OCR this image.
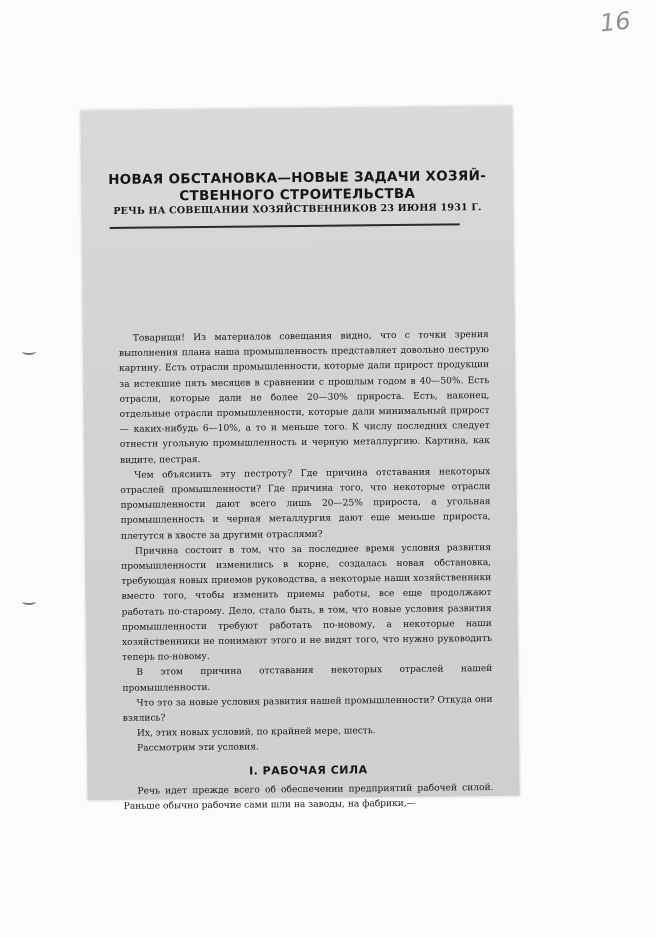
16
НОВАЯ ОБСТАНОВКА—НОВЫЕ ЗАДАЧИ ХОЗЯЙ-
СТВЕННОГО СТРОИТЕЛЬСТВА
РЕЧЬ НА СОВЕЩАНИИ ХОЗЯЙСТВЕННИКОВ 23 ИЮНЯ 1931 Г.

Товарищи! Из материалов совещания видно, что с точки зрения выполнения плана наша промышленность представляет довольно пеструю картину. Есть отрасли промышленности, которые дали прирост продукции за истекшие пять месяцев в сравнении с прошлым годом в 40—50%. Есть отрасли, которые дали не более 20—30% прироста. Есть, наконец, отдельные отрасли промышленности, которые дали минимальный прирост — каких-нибудь 6—10%, а то и меньше того. К числу последних следует отнести угольную промышленность и черную металлургию. Картина, как видите, пестрая.

Чем объяснить эту пестроту? Где причина отставания некоторых отраслей промышленности? Где причина того, что некоторые отрасли промышленности дают всего лишь 20—25% прироста, а угольная промышленность и черная металлургия дают еще меньше прироста, плетутся в хвосте за другими отраслями?

Причина состоит в том, что за последнее время условия развития промышленности изменились в корне, создалась новая обстановка, требующая новых приемов руководства, а некоторые наши хозяйственники вместо того, чтобы изменить приемы работы, все еще продолжают работать по-старому. Дело, стало быть, в том, что новые условия развития промышленности требуют работать по-новому, а некоторые наши хозяйственники не понимают этого и не видят того, что нужно руководить теперь по-новому.

В этом причина отставания некоторых отраслей нашей промышленности.

Что это за новые условия развития нашей промышленности? Откуда они взялись?

Их, этих новых условий, по крайней мере, шесть.

Рассмотрим эти условия.

I. РАБОЧАЯ СИЛА

Речь идет прежде всего об обеспечении предприятий рабочей силой. Раньше обычно рабочие сами шли на заводы, на фабрики,—
